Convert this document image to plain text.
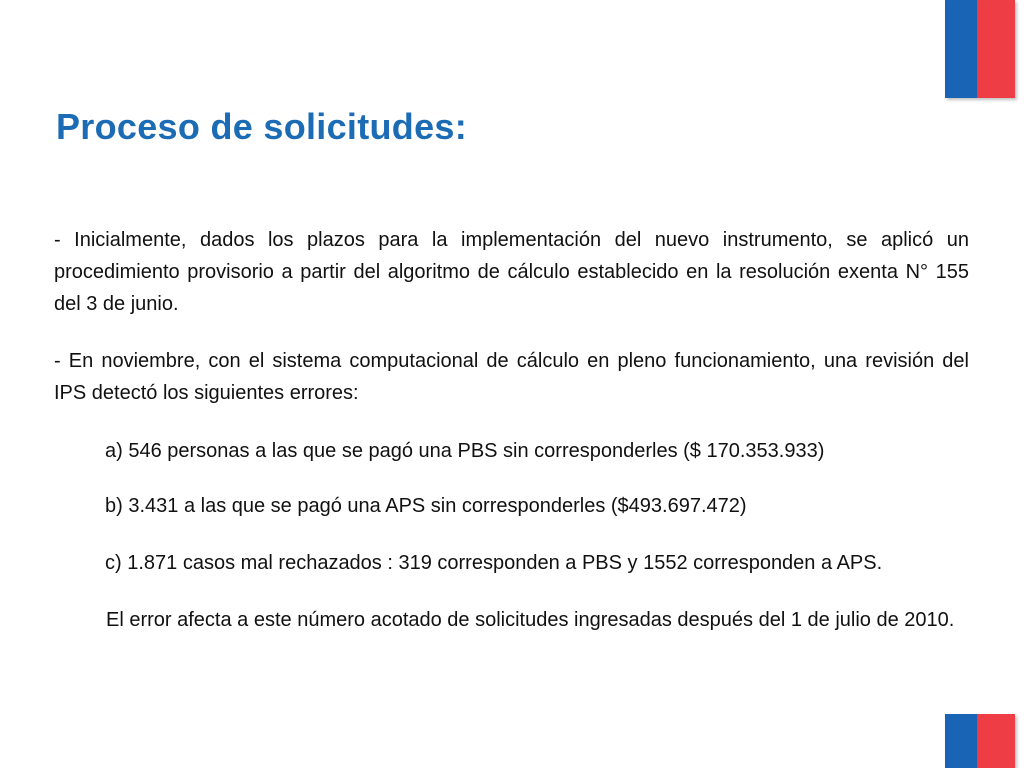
Proceso de solicitudes:

- Inicialmente, dados los plazos para la implementación del nuevo instrumento, se aplicó un procedimiento provisorio a partir del algoritmo de cálculo establecido en la resolución exenta N° 155 del 3 de junio.

- En noviembre, con el sistema computacional de cálculo en pleno funcionamiento, una revisión del IPS detectó los siguientes errores:

a) 546 personas a las que se pagó una PBS sin corresponderles ($ 170.353.933)

b) 3.431 a las que se pagó una APS sin corresponderles ($493.697.472)

c) 1.871 casos mal rechazados : 319 corresponden a PBS y 1552 corresponden a APS.

El error afecta a este número acotado de solicitudes ingresadas después del 1 de julio de 2010.
